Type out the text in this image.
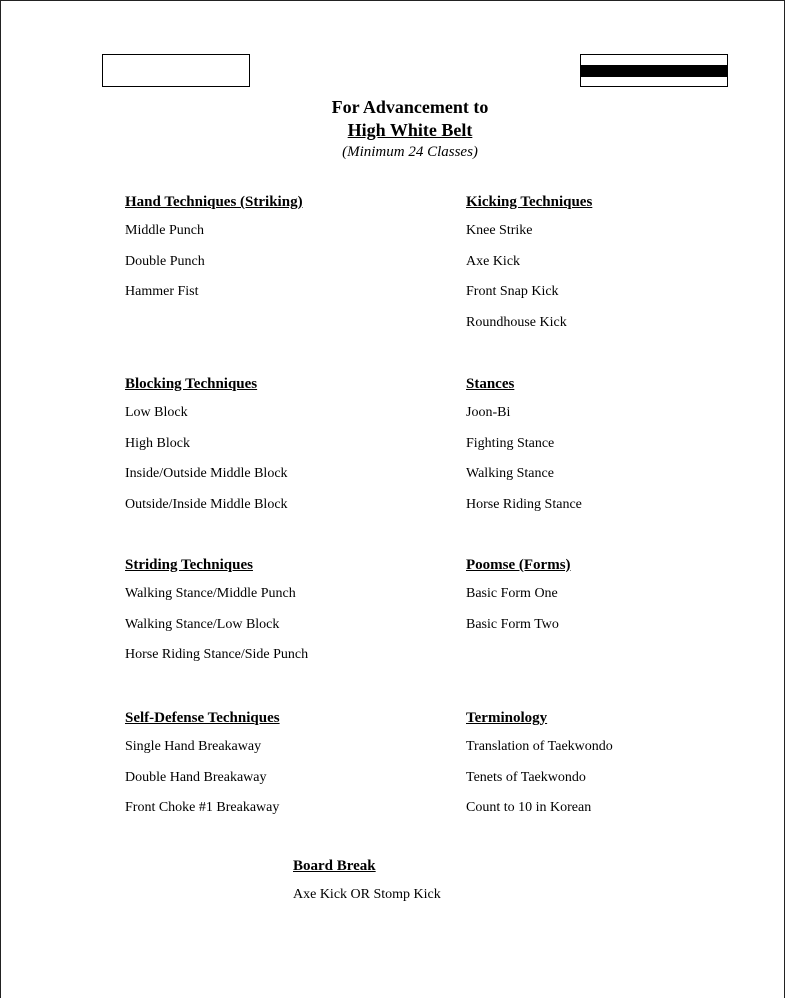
For Advancement to
High White Belt
(Minimum 24 Classes)
Hand Techniques (Striking)
Middle Punch
Double Punch
Hammer Fist
Kicking Techniques
Knee Strike
Axe Kick
Front Snap Kick
Roundhouse Kick
Blocking Techniques
Low Block
High Block
Inside/Outside Middle Block
Outside/Inside Middle Block
Stances
Joon-Bi
Fighting Stance
Walking Stance
Horse Riding Stance
Striding Techniques
Walking Stance/Middle Punch
Walking Stance/Low Block
Horse Riding Stance/Side Punch
Poomse (Forms)
Basic Form One
Basic Form Two
Self-Defense Techniques
Single Hand Breakaway
Double Hand Breakaway
Front Choke #1 Breakaway
Terminology
Translation of Taekwondo
Tenets of Taekwondo
Count to 10 in Korean
Board Break
Axe Kick OR Stomp Kick
